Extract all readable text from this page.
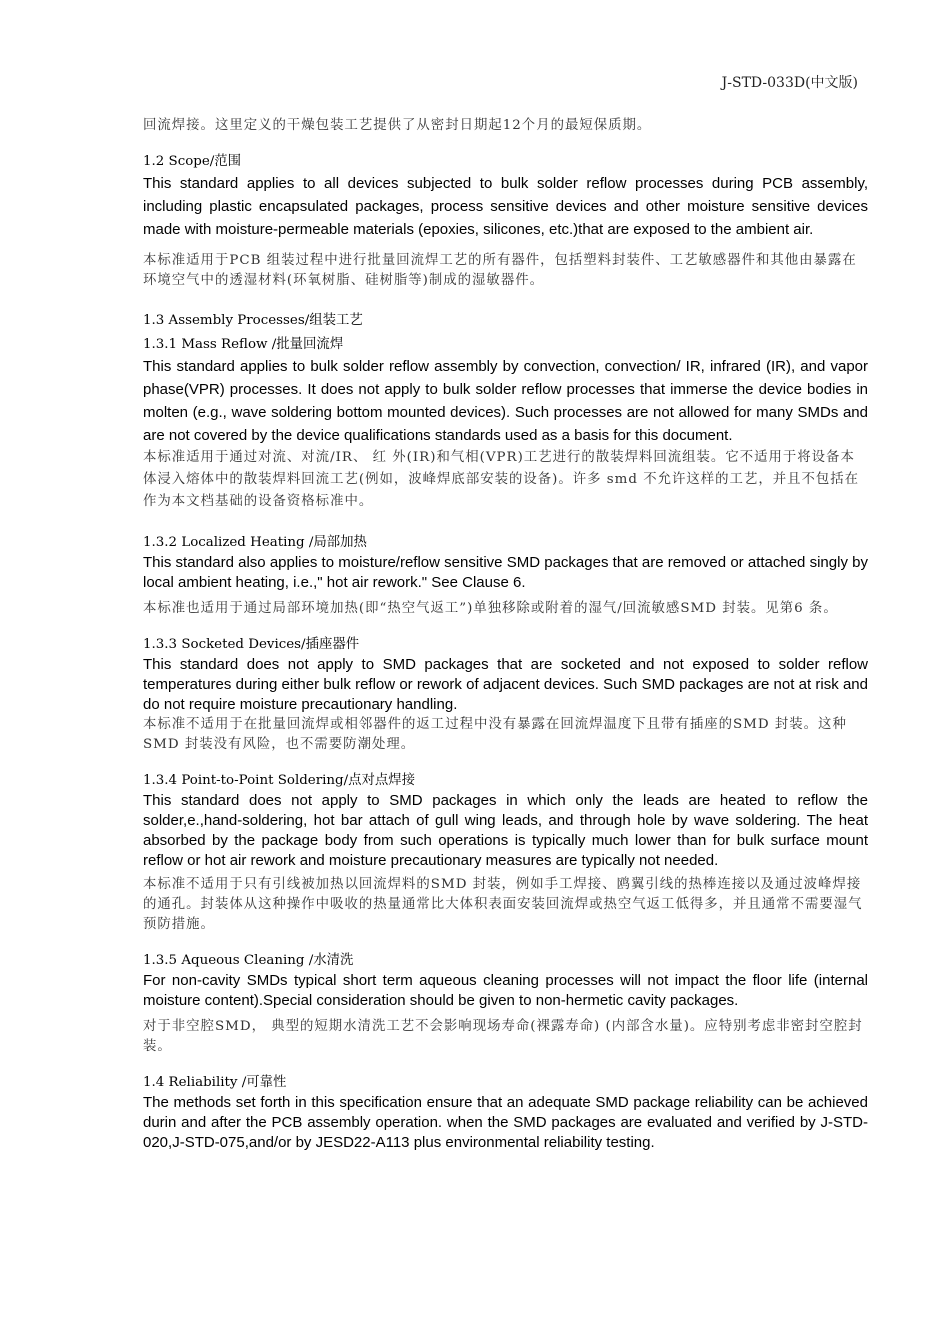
J-STD-033D(中文版)

回流焊接。这里定义的干燥包装工艺提供了从密封日期起12个月的最短保质期。

1.2 Scope/范围

This standard applies to all devices subjected to bulk solder reflow processes during PCB assembly, including plastic encapsulated packages, process sensitive devices and other moisture sensitive devices made with moisture-permeable materials (epoxies, silicones, etc.)that are exposed to the ambient air.

本标准适用于PCB 组装过程中进行批量回流焊工艺的所有器件，包括塑料封装件、工艺敏感器件和其他由暴露在环境空气中的透湿材料(环氧树脂、硅树脂等)制成的湿敏器件。

1.3 Assembly Processes/组装工艺

1.3.1 Mass Reflow /批量回流焊

This standard applies to bulk solder reflow assembly by convection, convection/ IR, infrared (IR), and vapor phase(VPR) processes. It does not apply to bulk solder reflow processes that immerse the device bodies in molten (e.g., wave soldering bottom mounted devices). Such processes are not allowed for many SMDs and are not covered by the device qualifications standards used as a basis for this document.

本标准适用于通过对流、对流/IR、 红 外(IR)和气相(VPR)工艺进行的散装焊料回流组装。它不适用于将设备本体浸入熔体中的散装焊料回流工艺(例如，波峰焊底部安装的设备)。许多 smd 不允许这样的工艺，并且不包括在作为本文档基础的设备资格标准中。

1.3.2 Localized Heating /局部加热

This standard also applies to moisture/reflow sensitive SMD packages that are removed or attached singly by local ambient heating, i.e.," hot air rework." See Clause 6.

本标准也适用于通过局部环境加热(即“热空气返工”)单独移除或附着的湿气/回流敏感SMD 封装。见第6 条。

1.3.3 Socketed Devices/插座器件

This standard does not apply to SMD packages that are socketed and not exposed to solder reflow temperatures during either bulk reflow or rework of adjacent devices. Such SMD packages are not at risk and do not require moisture precautionary handling.

本标准不适用于在批量回流焊或相邻器件的返工过程中没有暴露在回流焊温度下且带有插座的SMD 封装。这种 SMD 封装没有风险，也不需要防潮处理。

1.3.4 Point-to-Point Soldering/点对点焊接

This standard does not apply to SMD packages in which only the leads are heated to reflow the solder,e.,hand-soldering, hot bar attach of gull wing leads, and through hole by wave soldering. The heat absorbed by the package body from such operations is typically much lower than for bulk surface mount reflow or hot air rework and moisture precautionary measures are typically not needed.

本标准不适用于只有引线被加热以回流焊料的SMD 封装，例如手工焊接、鸥翼引线的热棒连接以及通过波峰焊接的通孔。封装体从这种操作中吸收的热量通常比大体积表面安装回流焊或热空气返工低得多，并且通常不需要湿气预防措施。

1.3.5 Aqueous Cleaning /水清洗

For non-cavity SMDs typical short term aqueous cleaning processes will not impact the floor life (internal moisture content).Special consideration should be given to non-hermetic cavity packages.

对于非空腔SMD， 典型的短期水清洗工艺不会影响现场寿命(裸露寿命) (内部含水量)。应特别考虑非密封空腔封装。

1.4 Reliability /可靠性

The methods set forth in this specification ensure that an adequate SMD package reliability can be achieved durin and after the PCB assembly operation. when the SMD packages are evaluated and verified by J-STD-020,J-STD-075,and/or by JESD22-A113 plus environmental reliability testing.
